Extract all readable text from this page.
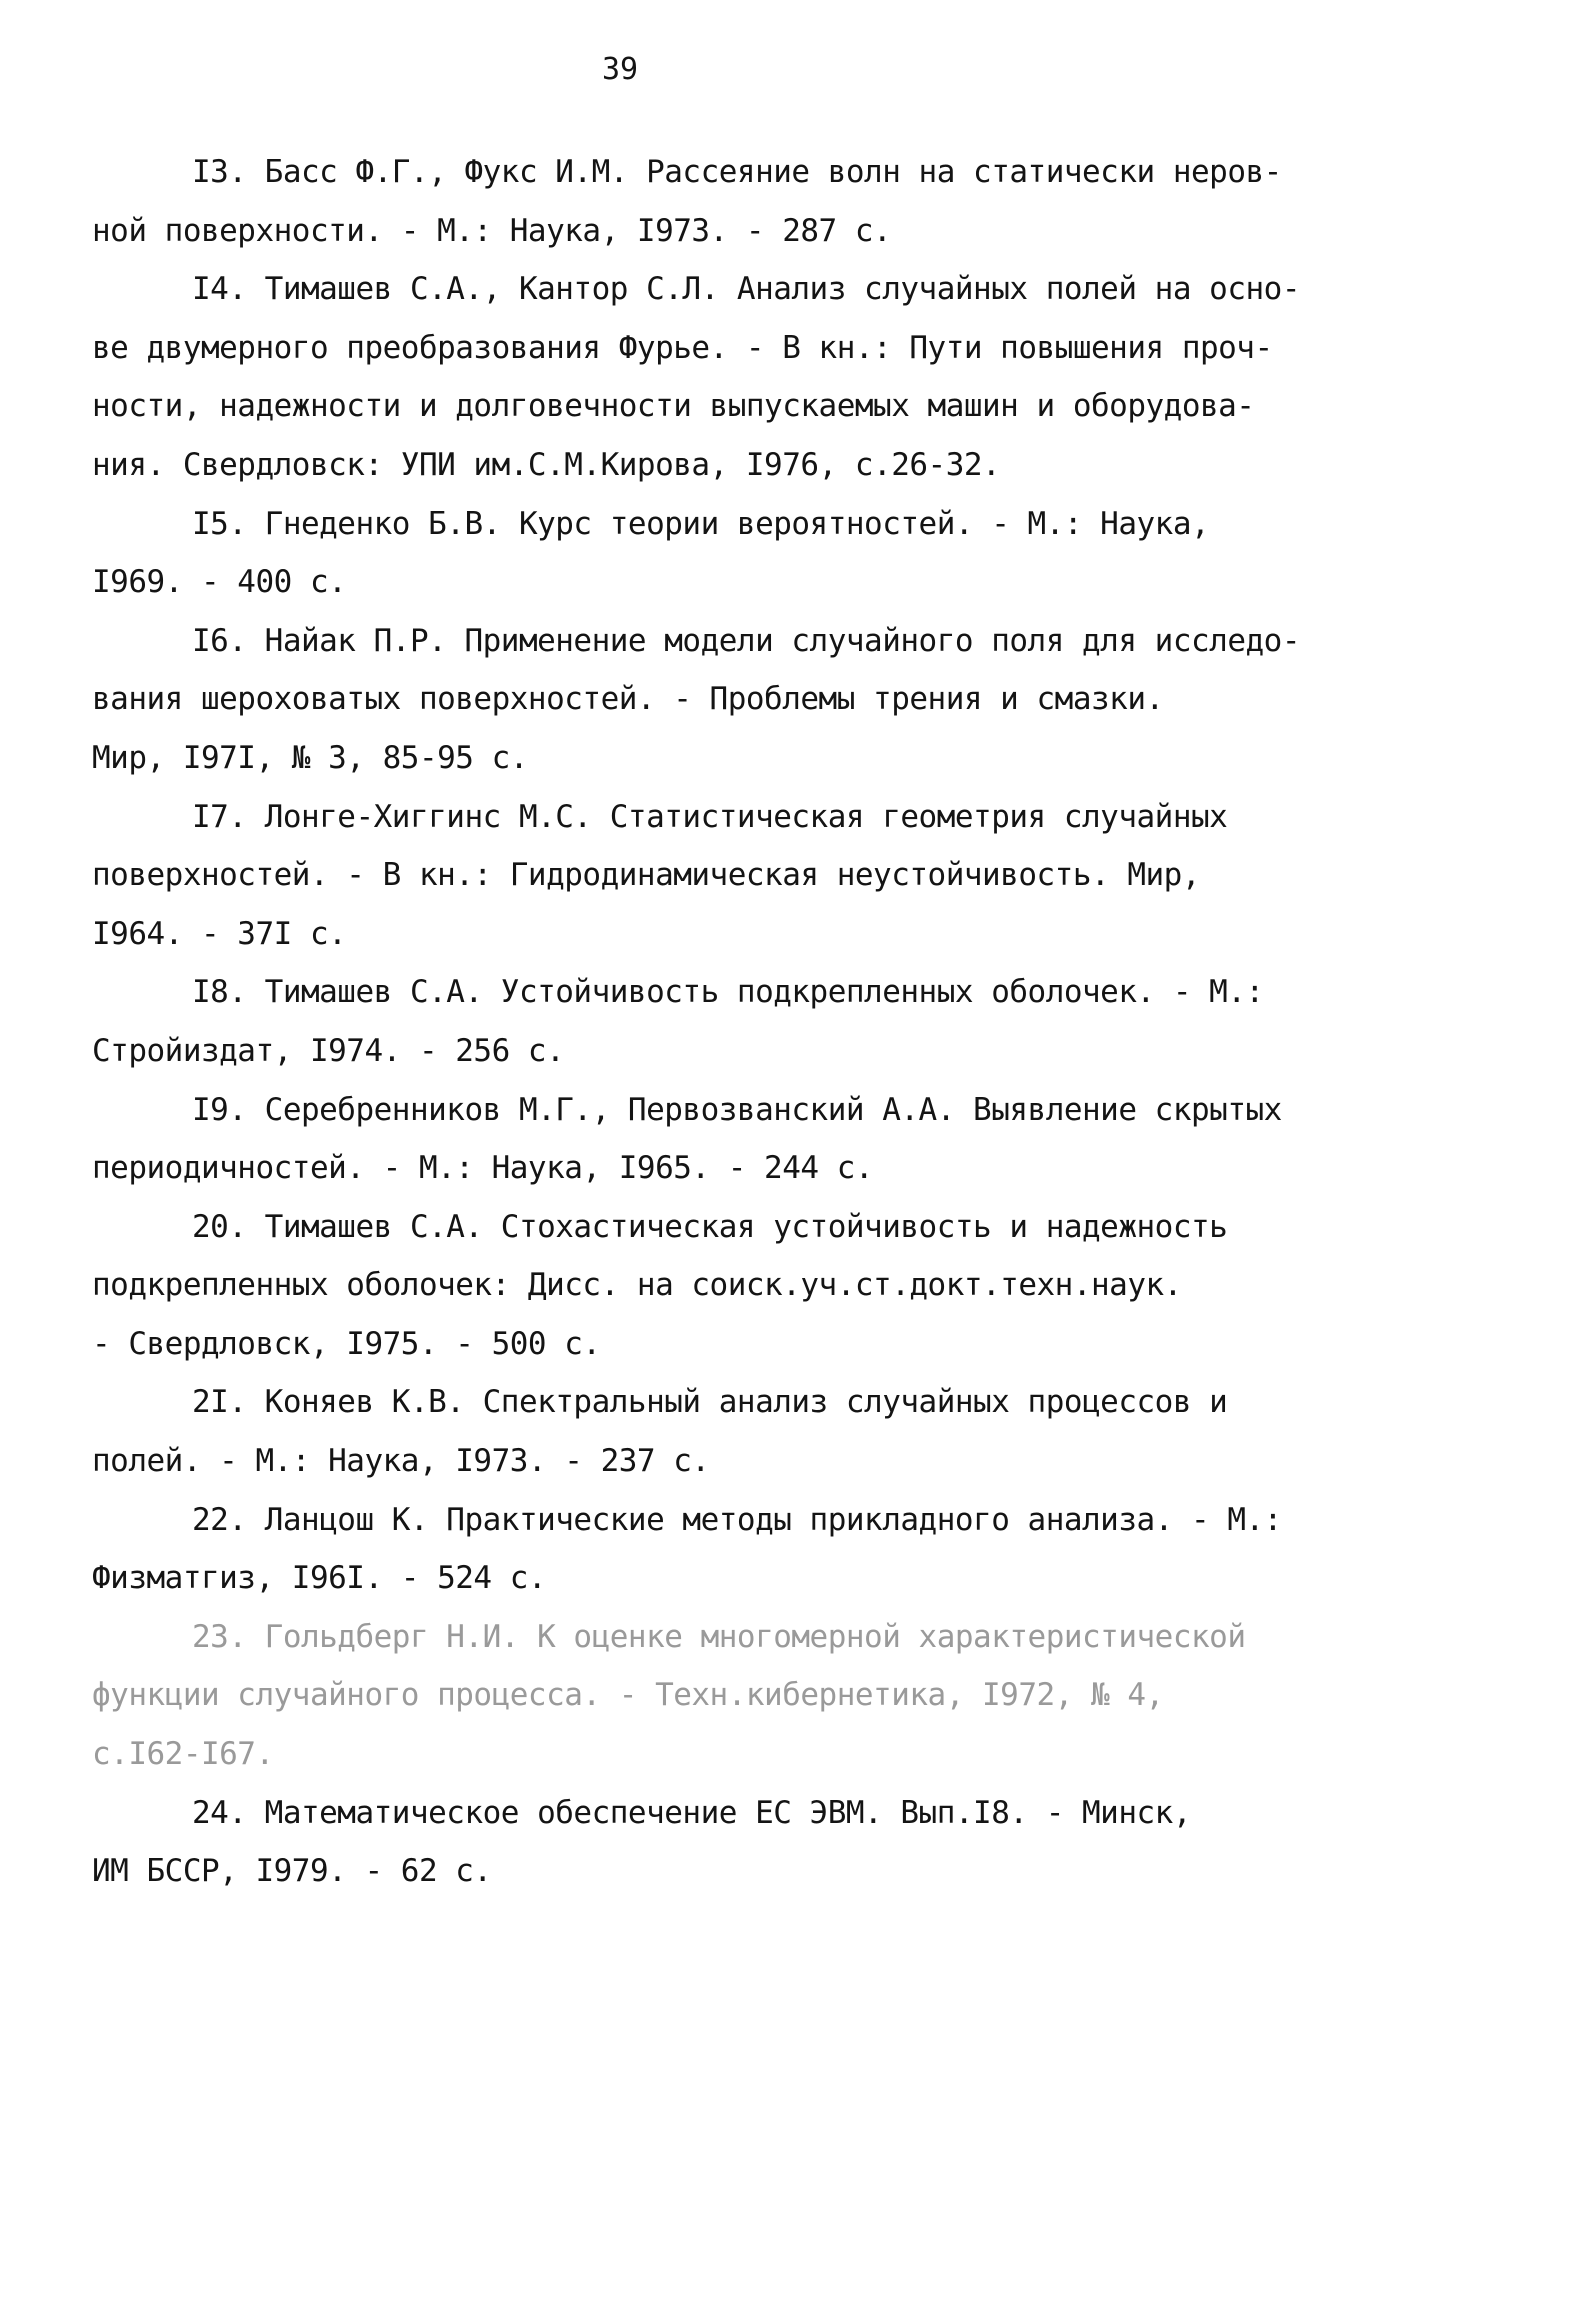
39
I3. Басс Ф.Г., Фукс И.М. Рассеяние волн на статически неров-
ной поверхности. - М.: Наука, I973. - 287 с.
I4. Тимашев С.А., Кантор С.Л. Анализ случайных полей на осно-
ве двумерного преобразования Фурье. - В кн.: Пути повышения проч-
ности, надежности и долговечности выпускаемых машин и оборудова-
ния. Свердловск: УПИ им.С.М.Кирова, I976, с.26-32.
I5. Гнеденко Б.В. Курс теории вероятностей. - М.: Наука,
I969. - 400 с.
I6. Найак П.Р. Применение модели случайного поля для исследо-
вания шероховатых поверхностей. - Проблемы трения и смазки.
Мир, I97I, № 3, 85-95 с.
I7. Лонге-Хиггинс М.С. Статистическая геометрия случайных
поверхностей. - В кн.: Гидродинамическая неустойчивость. Мир,
I964. - 37I с.
I8. Тимашев С.А. Устойчивость подкрепленных оболочек. - М.:
Стройиздат, I974. - 256 с.
I9. Серебренников М.Г., Первозванский А.А. Выявление скрытых
периодичностей. - М.: Наука, I965. - 244 с.
20. Тимашев С.А. Стохастическая устойчивость и надежность
подкрепленных оболочек: Дисс. на соиск.уч.ст.докт.техн.наук.
- Свердловск, I975. - 500 с.
2I. Коняев К.В. Спектральный анализ случайных процессов и
полей. - М.: Наука, I973. - 237 с.
22. Ланцош К. Практические методы прикладного анализа. - М.:
Физматгиз, I96I. - 524 с.
23. Гольдберг Н.И. К оценке многомерной характеристической
функции случайного процесса. - Техн.кибернетика, I972, № 4,
с.I62-I67.
24. Математическое обеспечение ЕС ЭВМ. Вып.I8. - Минск,
ИМ БССР, I979. - 62 с.
